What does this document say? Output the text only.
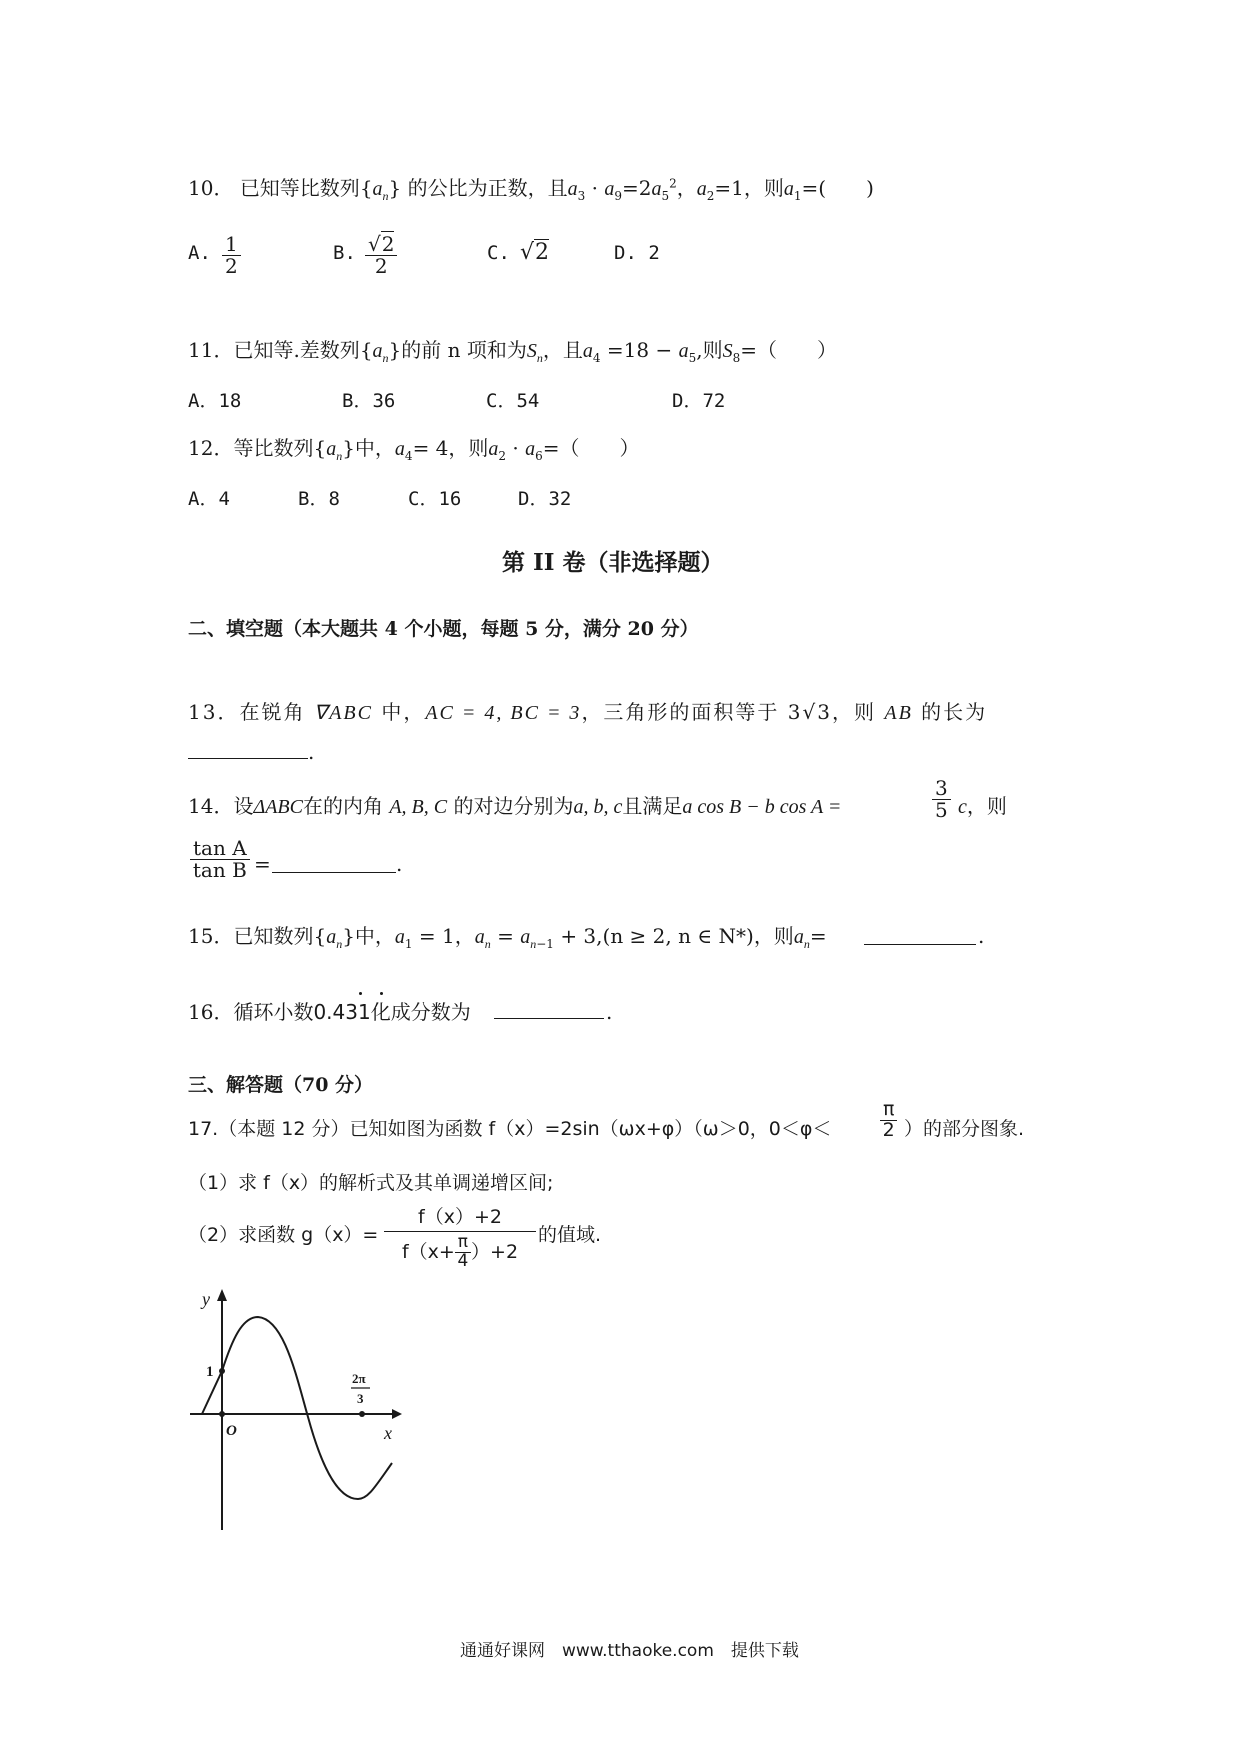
10． 已知等比数列$\{a_n\}$ 的公比为正数，且$a_3 \cdot a_9=2a_5^2$，$a_2=1$，则$a_1=$(　　)
A. $\frac{1}{2}$	B. $\frac{√2}{2}$	C. √2	D. 2
11．已知等.差数列$\{a_n\}$的前 n 项和为$S_n$，且$a_4 =18 - a_5$,则$S_8=$（　　）
A．18	B．36	C．54	D．72
12．等比数列$\{a_n\}$中，$a_4= 4$，则$a_2 \cdot a_6=$（　　）
A．4	B．8	C．16	D．32
第 II 卷（非选择题）
二、填空题（本大题共 4 个小题，每题 5 分，满分 20 分）
13．在锐角 ∇ABC 中，AC = 4, BC = 3，三角形的面积等于 3√3，则 AB 的长为
.
14．设ΔABC在的内角 A, B, C 的对边分别为a, b, c且满足a cos B − b cos A =	$\frac{3}{5}$ c，则
$\frac{\text{tan A}}{\text{tan B}}$ =	.
15．已知数列$\{a_n\}$中，$a_1 = 1$，$a_n = a_{n-1} + 3,(n \ge 2$, n ∈ N*)，则$a_n=$	.
16．循环小数0.431化成分数为	.
三、解答题（70 分）
17.（本题 12 分）已知如图为函数 f（x）=2sin（ωx+φ）（ω＞0，0＜φ＜	$\frac{\pi}{2}$ ）的部分图象.
（1）求 f（x）的解析式及其单调递增区间;
（2）求函数 $g(x)= \frac{f(x)+2}{f(x+ \frac{\pi}{4} )+2}$ 的值域.
y
x
O
1	2π
3
通通好课网　www.tthaoke.com　提供下载
